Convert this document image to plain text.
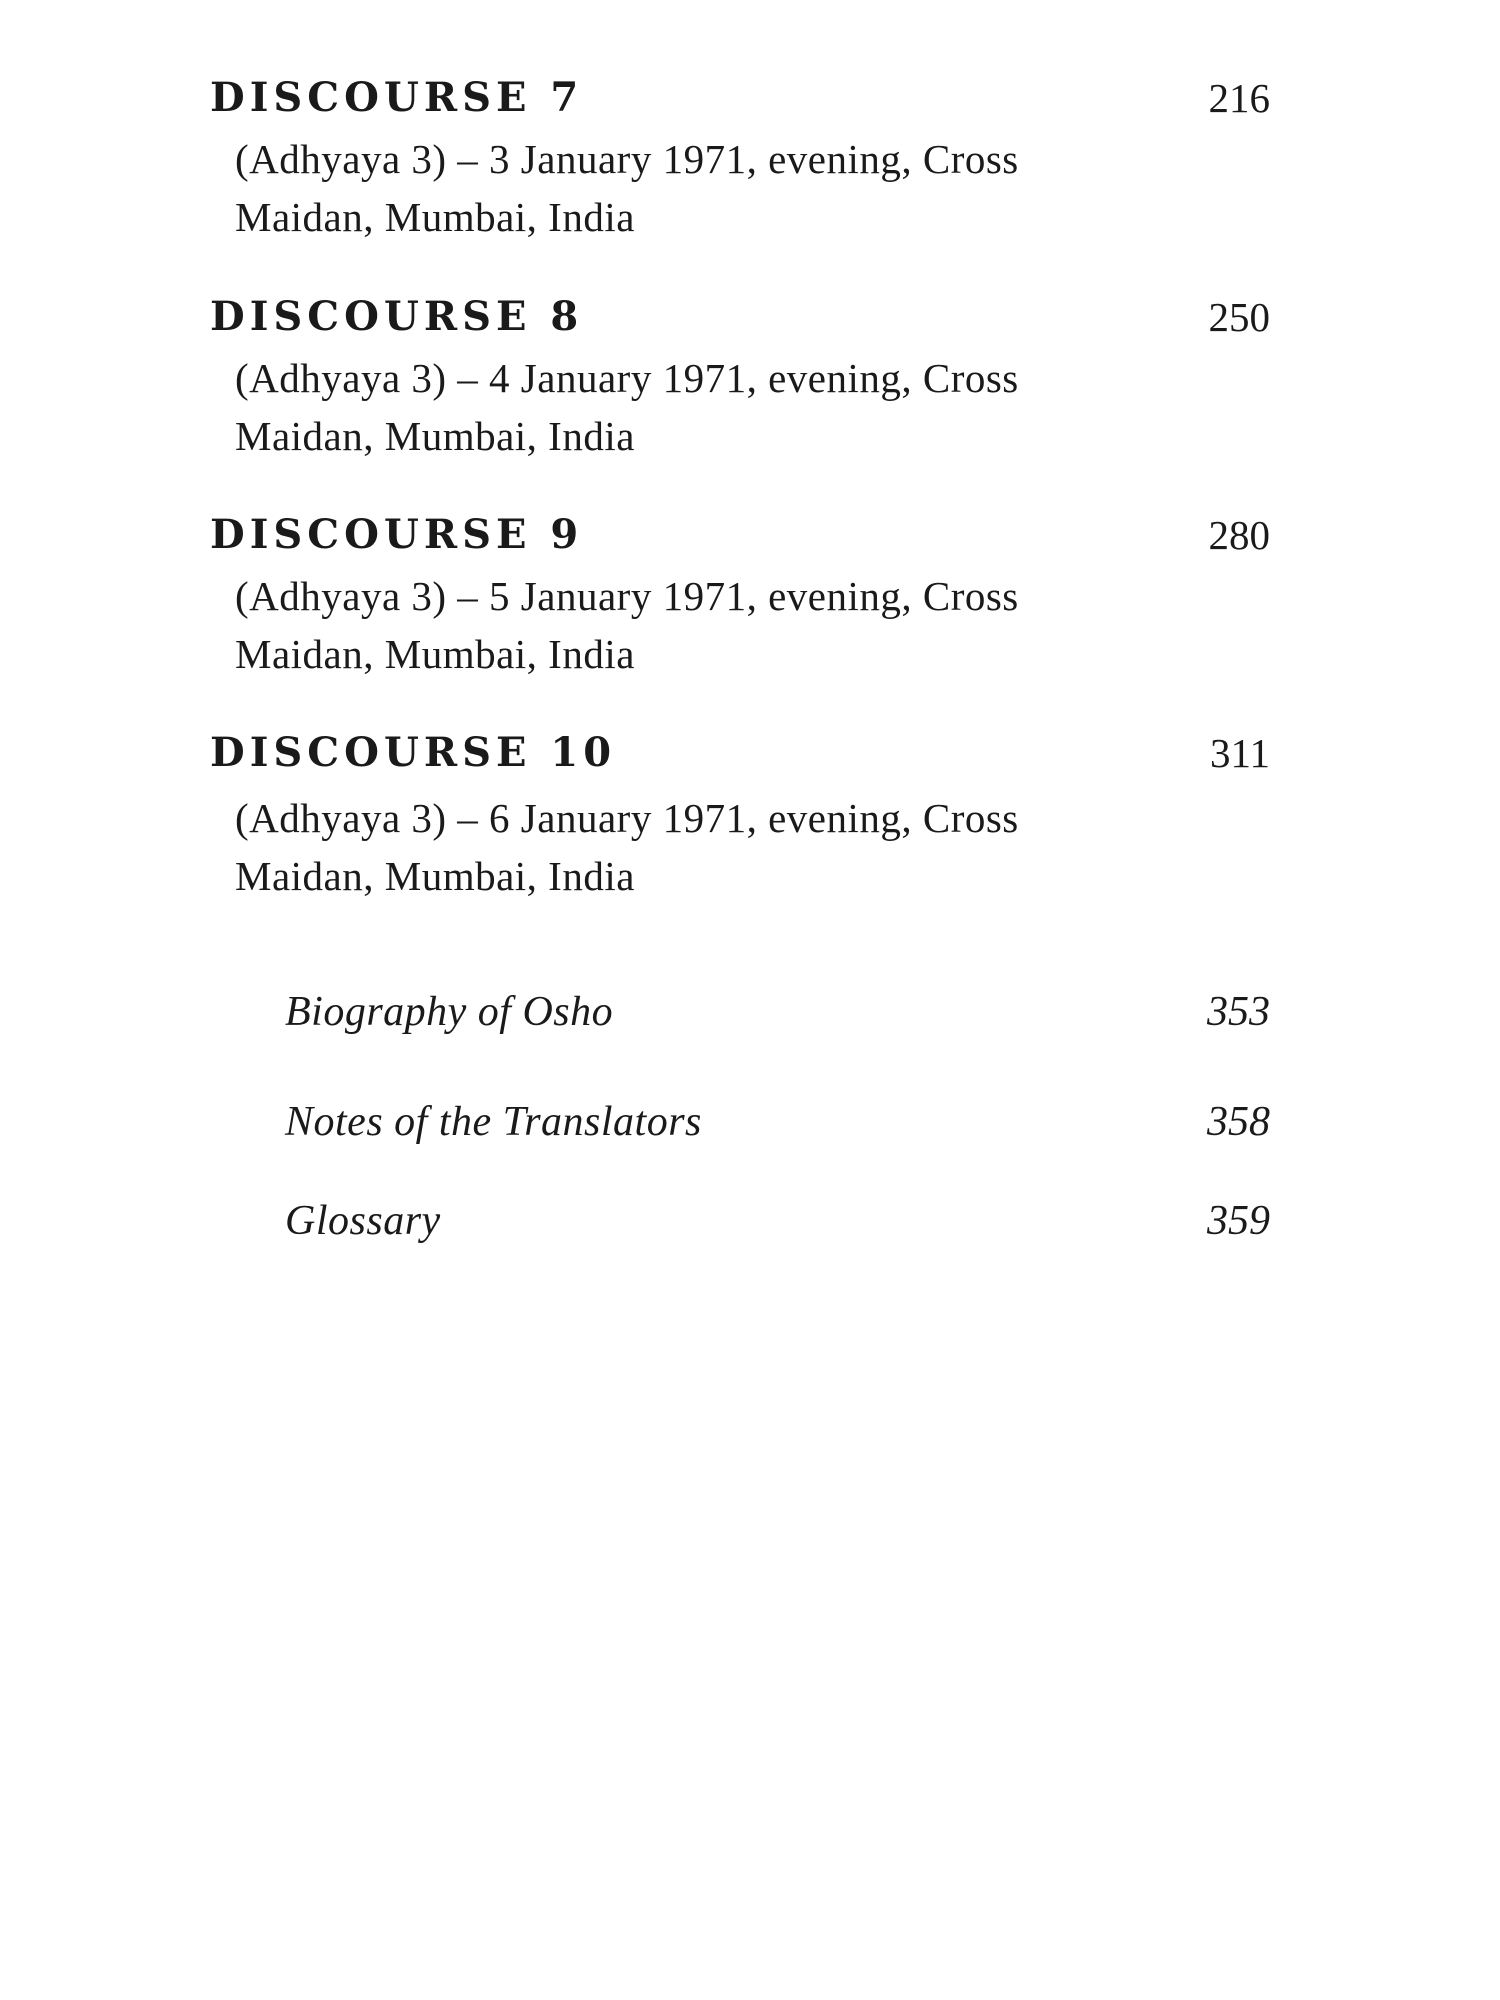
DISCOURSE 7	216
(Adhyaya 3) – 3 January 1971, evening, Cross
Maidan, Mumbai, India
DISCOURSE 8	250
(Adhyaya 3) – 4 January 1971, evening, Cross
Maidan, Mumbai, India
DISCOURSE 9	280
(Adhyaya 3) – 5 January 1971, evening, Cross
Maidan, Mumbai, India
DISCOURSE 10	311
(Adhyaya 3) – 6 January 1971, evening, Cross
Maidan, Mumbai, India
Biography of Osho	353
Notes of the Translators	358
Glossary	359
